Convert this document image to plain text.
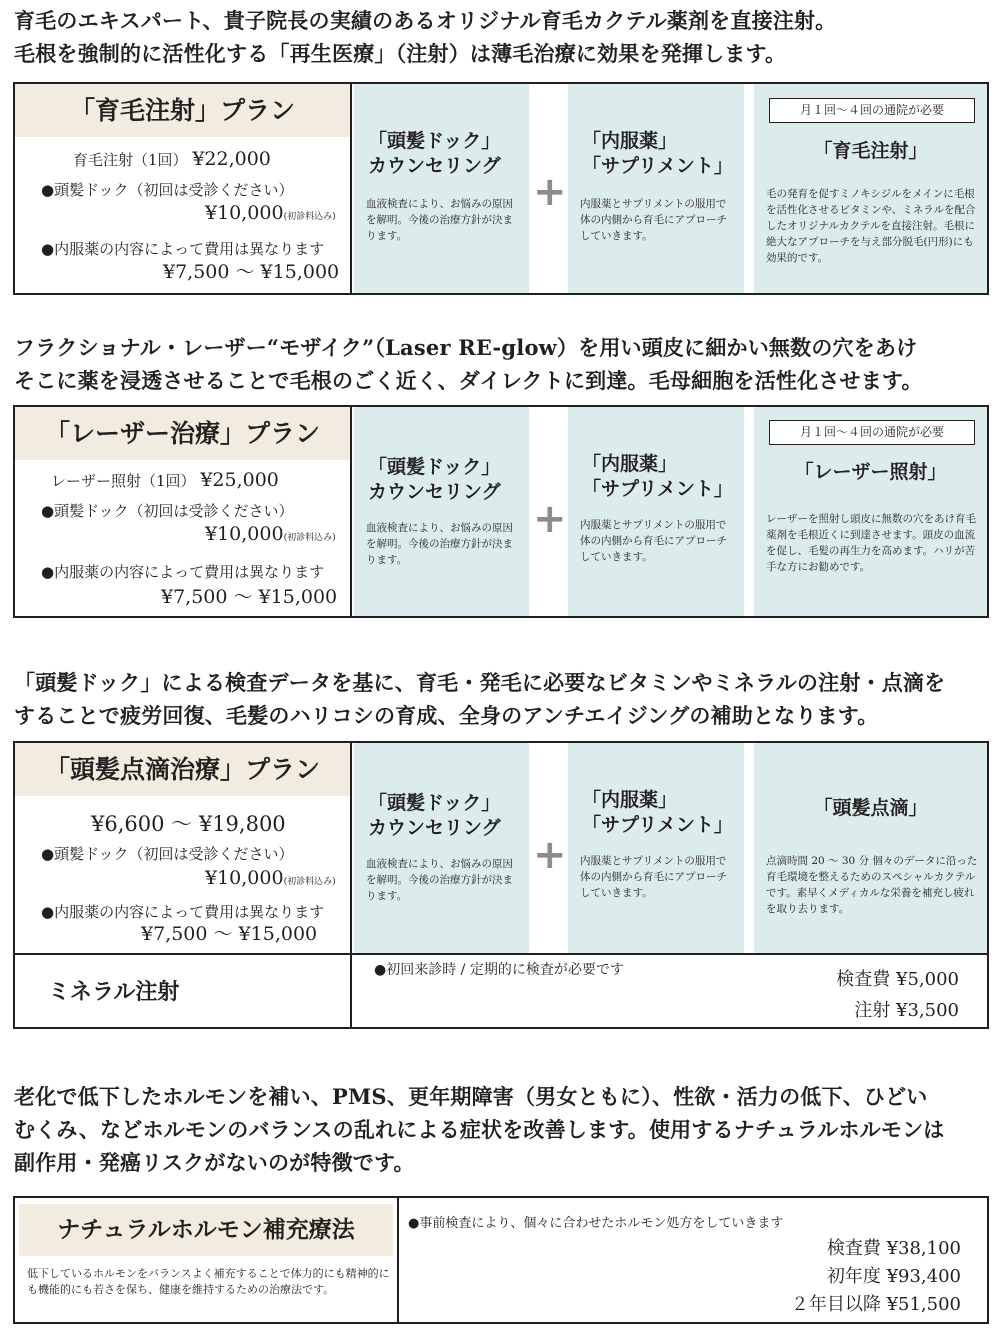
育毛のエキスパート、貴子院長の実績のあるオリジナル育毛カクテル薬剤を直接注射。
毛根を強制的に活性化する「再生医療」（注射）は薄毛治療に効果を発揮します。
「育毛注射」プラン
育毛注射（1回） ¥22,000
●頭髪ドック（初回は受診ください）
¥10,000(初診料込み)
●内服薬の内容によって費用は異なります
¥7,500 〜 ¥15,000
「頭髪ドック」
カウンセリング
血液検査により、お悩みの原因を解明。今後の治療方針が決まります。
+
「内服薬」
「サプリメント」
内服薬とサプリメントの服用で体の内側から育毛にアプローチしていきます。
月１回〜４回の通院が必要
「育毛注射」
毛の発育を促すミノキシジルをメインに毛根を活性化させるビタミンや、ミネラルを配合したオリジナルカクテルを直接注射。毛根に絶大なアプローチを与え部分脱毛(円形)にも効果的です。
フラクショナル・レーザー“モザイク”（Laser RE-glow）を用い頭皮に細かい無数の穴をあけ
そこに薬を浸透させることで毛根のごく近く、ダイレクトに到達。毛母細胞を活性化させます。
「レーザー治療」プラン
レーザー照射（1回） ¥25,000
●頭髪ドック（初回は受診ください）
¥10,000(初診料込み)
●内服薬の内容によって費用は異なります
¥7,500 〜 ¥15,000
「頭髪ドック」
カウンセリング
血液検査により、お悩みの原因を解明。今後の治療方針が決まります。
+
「内服薬」
「サプリメント」
内服薬とサプリメントの服用で体の内側から育毛にアプローチしていきます。
月１回〜４回の通院が必要
「レーザー照射」
レーザーを照射し頭皮に無数の穴をあけ育毛薬剤を毛根近くに到達させます。頭皮の血流を促し、毛髪の再生力を高めます。ハリが苦手な方にお勧めです。
「頭髪ドック」による検査データを基に、育毛・発毛に必要なビタミンやミネラルの注射・点滴を
することで疲労回復、毛髪のハリコシの育成、全身のアンチエイジングの補助となります。
「頭髪点滴治療」プラン
¥6,600 〜 ¥19,800
●頭髪ドック（初回は受診ください）
¥10,000(初診料込み)
●内服薬の内容によって費用は異なります
¥7,500 〜 ¥15,000
「頭髪ドック」
カウンセリング
血液検査により、お悩みの原因を解明。今後の治療方針が決まります。
+
「内服薬」
「サプリメント」
内服薬とサプリメントの服用で体の内側から育毛にアプローチしていきます。
「頭髪点滴」
点滴時間 20 〜 30 分 個々のデータに沿った育毛環境を整えるためのスペシャルカクテルです。素早くメディカルな栄養を補充し疲れを取り去ります。
ミネラル注射
●初回来診時 / 定期的に検査が必要です	検査費 ¥5,000
注射 ¥3,500
老化で低下したホルモンを補い、PMS、更年期障害（男女ともに）、性欲・活力の低下、ひどい
むくみ、などホルモンのバランスの乱れによる症状を改善します。使用するナチュラルホルモンは
副作用・発癌リスクがないのが特徴です。
ナチュラルホルモン補充療法
低下しているホルモンをバランスよく補充することで体力的にも精神的にも機能的にも若さを保ち、健康を維持するための治療法です。
●事前検査により、個々に合わせたホルモン処方をしていきます
検査費 ¥38,100
初年度 ¥93,400
２年目以降 ¥51,500
